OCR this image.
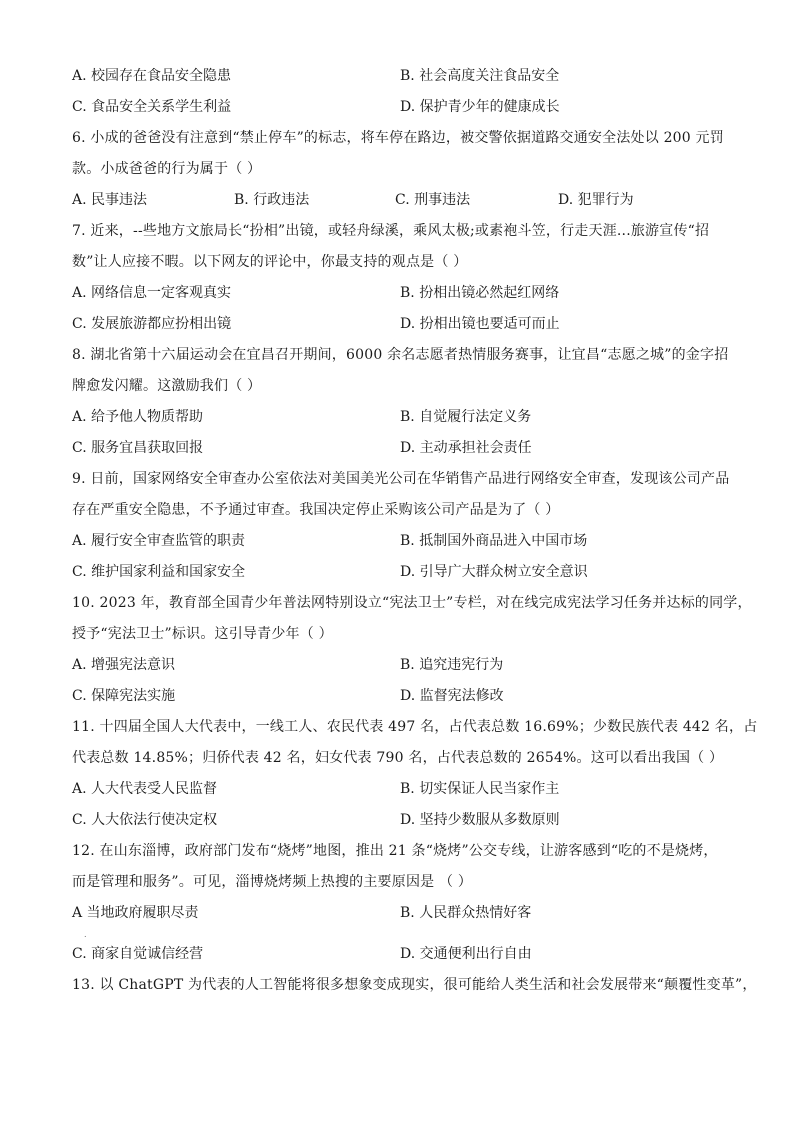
A. 校园存在食品安全隐患	B. 社会高度关注食品安全
C. 食品安全关系学生利益	D. 保护青少年的健康成长
6. 小成的爸爸没有注意到“禁止停车”的标志，将车停在路边，被交警依据道路交通安全法处以 200 元罚
款。小成爸爸的行为属于（ ）
A. 民事违法	B. 行政违法	C. 刑事违法	D. 犯罪行为
7. 近来，--些地方文旅局长“扮相”出镜，或轻舟绿溪，乘风太极;或素袍斗笠，行走天涯...旅游宣传“招
数”让人应接不暇。以下网友的评论中，你最支持的观点是（ ）
A. 网络信息一定客观真实	B. 扮相出镜必然起红网络
C. 发展旅游都应扮相出镜	D. 扮相出镜也要适可而止
8. 湖北省第十六届运动会在宜昌召开期间，6000 余名志愿者热情服务赛事，让宜昌“志愿之城”的金字招
牌愈发闪耀。这激励我们（ ）
A. 给予他人物质帮助	B. 自觉履行法定义务
C. 服务宜昌获取回报	D. 主动承担社会责任
9. 日前，国家网络安全审查办公室依法对美国美光公司在华销售产品进行网络安全审查，发现该公司产品
存在严重安全隐患，不予通过审查。我国决定停止采购该公司产品是为了（ ）
A. 履行安全审查监管的职责	B. 抵制国外商品进入中国市场
C. 维护国家利益和国家安全	D. 引导广大群众树立安全意识
10. 2023 年，教育部全国青少年普法网特别设立“宪法卫士”专栏，对在线完成宪法学习任务并达标的同学，
授予“宪法卫士”标识。这引导青少年（ ）
A. 增强宪法意识	B. 追究违宪行为
C. 保障宪法实施	D. 监督宪法修改
11. 十四届全国人大代表中，一线工人、农民代表 497 名，占代表总数 16.69%；少数民族代表 442 名，占
代表总数 14.85%；归侨代表 42 名，妇女代表 790 名，占代表总数的 2654%。这可以看出我国（ ）
A. 人大代表受人民监督	B. 切实保证人民当家作主
C. 人大依法行使决定权	D. 坚持少数服从多数原则
12. 在山东淄博，政府部门发布“烧烤”地图，推出 21 条“烧烤”公交专线，让游客感到“吃的不是烧烤，
而是管理和服务”。可见，淄博烧烤频上热搜的主要原因是 （ ）
A 当地政府履职尽责	B. 人民群众热情好客
.
C. 商家自觉诚信经营	D. 交通便利出行自由
13. 以 ChatGPT 为代表的人工智能将很多想象变成现实，很可能给人类生活和社会发展带来“颠覆性变革”，
